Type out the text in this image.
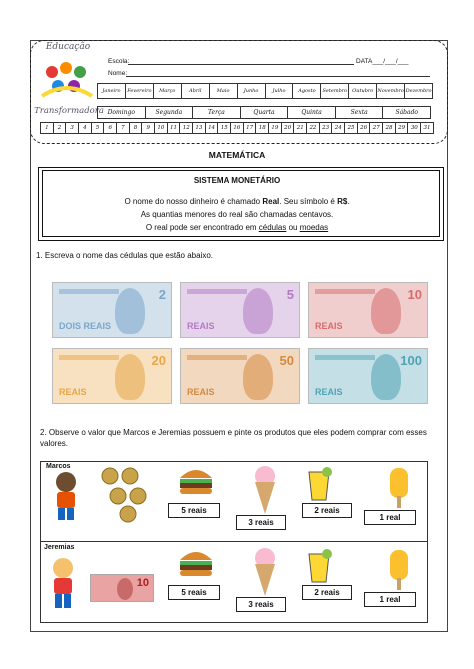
Educação
Transformadora
Escola:	DATA___/___/___
Nome:
Janeiro	Fevereiro	Março	Abril	Maio	Junho	Julho	Agosto	Setembro Outubro Novembro Dezembro
Domingo	Segunda	Terça	Quarta	Quinta	Sexta	Sábado
1	2	3	4	5	6	7	8	9	10	11	12	13	14	15	16	17	18	19	20	21	22	23	24	25	26	27	28	29	30	31
MATEMÁTICA
SISTEMA MONETÁRIO
O nome do nosso dinheiro é chamado Real. Seu símbolo é R$.
As quantias menores do real são chamadas centavos.
O real pode ser encontrado em cédulas ou moedas
1. Escreva o nome das cédulas que estão abaixo.
2
DOIS REAIS
5
REAIS
10
REAIS
20
REAIS
50
REAIS
100
REAIS
2. Observe o valor que Marcos e Jeremias possuem e pinte os produtos que eles podem comprar com esses valores.
Marcos
5 reais
3 reais
2 reais
1 real
Jeremias
10
5 reais
3 reais
2 reais
1 real
